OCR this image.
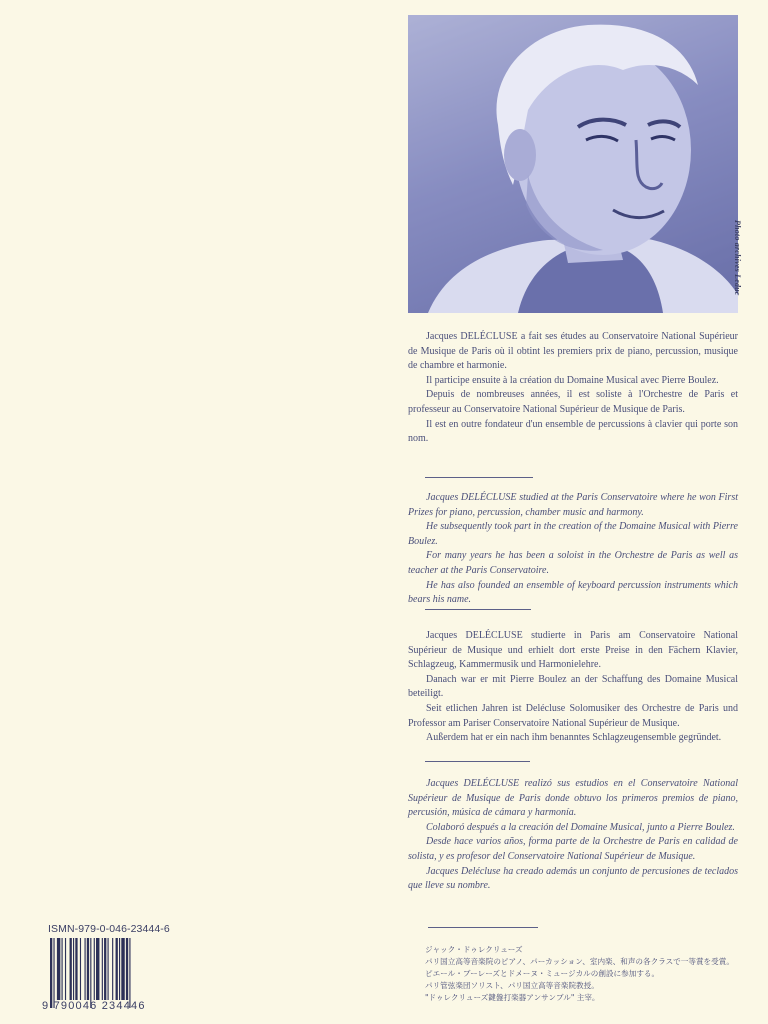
Photo archives Leduc

Jacques DELÉCLUSE a fait ses études au Conservatoire National Supérieur de Musique de Paris où il obtint les premiers prix de piano, percussion, musique de chambre et harmonie.

Il participe ensuite à la création du Domaine Musical avec Pierre Boulez.

Depuis de nombreuses années, il est soliste à l'Orchestre de Paris et professeur au Conservatoire National Supérieur de Musique de Paris.

Il est en outre fondateur d'un ensemble de percussions à clavier qui porte son nom.

Jacques DELÉCLUSE studied at the Paris Conservatoire where he won First Prizes for piano, percussion, chamber music and harmony.

He subsequently took part in the creation of the Domaine Musical with Pierre Boulez.

For many years he has been a soloist in the Orchestre de Paris as well as teacher at the Paris Conservatoire.

He has also founded an ensemble of keyboard percussion instruments which bears his name.

Jacques DELÉCLUSE studierte in Paris am Conservatoire National Supérieur de Musique und erhielt dort erste Preise in den Fächern Klavier, Schlagzeug, Kammermusik und Harmonielehre.

Danach war er mit Pierre Boulez an der Schaffung des Domaine Musical beteiligt.

Seit etlichen Jahren ist Delécluse Solomusiker des Orchestre de Paris und Professor am Pariser Conservatoire National Supérieur de Musique.

Außerdem hat er ein nach ihm benanntes Schlagzeugensemble gegründet.

Jacques DELÉCLUSE realizó sus estudios en el Conservatoire National Supérieur de Musique de Paris donde obtuvo los primeros premios de piano, percusión, música de cámara y harmonía.

Colaboró después a la creación del Domaine Musical, junto a Pierre Boulez.

Desde hace varios años, forma parte de la Orchestre de Paris en calidad de solista, y es profesor del Conservatoire National Supérieur de Musique.

Jacques Delécluse ha creado además un conjunto de percusiones de teclados que lleve su nombre.

ジャック・ドゥレクリューズ
パリ国立高等音楽院のピアノ、パーカッション、室内楽、和声の各クラスで一等賞を受賞。
ピエール・ブーレーズとドメーヌ・ミュージカルの創設に参加する。
パリ管弦楽団ソリスト、パリ国立高等音楽院教授。
"ドゥレクリューズ鍵盤打楽器アンサンブル" 主宰。
ISMN-979-0-046-23444-6
9 790046 234446
